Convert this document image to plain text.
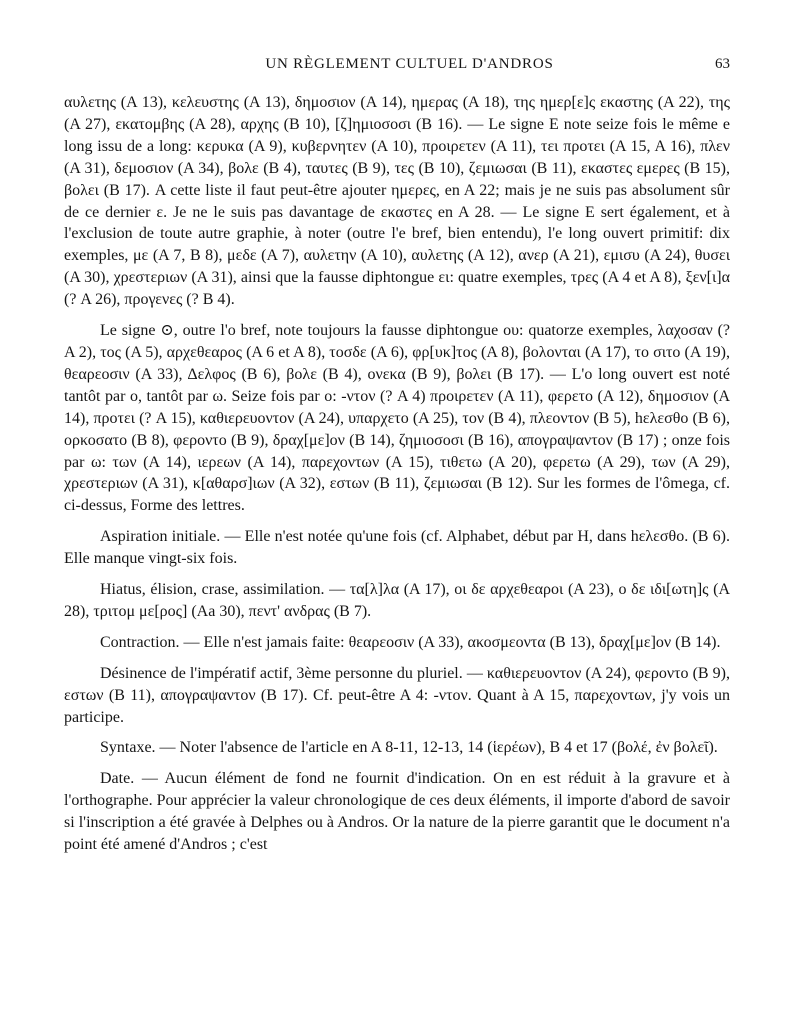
UN RÈGLEMENT CULTUEL D'ANDROS	63

αυλετης (A 13), κελευστης (A 13), δημοσιον (A 14), ημερας (A 18), της ημερ[ε]ς εκαστης (A 22), της (A 27), εκατομβης (A 28), αρχης (B 10), [ζ]ημιοσοσι (B 16). — Le signe E note seize fois le même e long issu de a long: κερυκα (A 9), κυβερνητεν (A 10), προιρετεν (A 11), τει προτει (A 15, A 16), πλεν (A 31), δεμοσιον (A 34), βολε (B 4), ταυτες (B 9), τες (B 10), ζεμιωσαι (B 11), εκαστες εμερες (B 15), βολει (B 17). A cette liste il faut peut-être ajouter ημερες, en A 22; mais je ne suis pas absolument sûr de ce dernier ε. Je ne le suis pas davantage de εκαστες en A 28. — Le signe E sert également, et à l'exclusion de toute autre graphie, à noter (outre l'e bref, bien entendu), l'e long ouvert primitif: dix exemples, με (A 7, B 8), μεδε (A 7), αυλετην (A 10), αυλετης (A 12), ανερ (A 21), εμισυ (A 24), θυσει (A 30), χρεστεριων (A 31), ainsi que la fausse diphtongue ει: quatre exemples, τρες (A 4 et A 8), ξεν[ι]α (? A 26), προγενες (? B 4).

Le signe ⊙, outre l'o bref, note toujours la fausse diphtongue ου: quatorze exemples, λαχοσαν (? A 2), τος (A 5), αρχεθεαρος (A 6 et A 8), τοσδε (A 6), φρ[υκ]τος (A 8), βολονται (A 17), το σιτο (A 19), θεαρεοσιν (A 33), Δελφος (B 6), βολε (B 4), ονεκα (B 9), βολει (B 17). — L'o long ouvert est noté tantôt par ο, tantôt par ω. Seize fois par ο: -ντον (? A 4) προιρετεν (A 11), φερετο (A 12), δημοσιον (A 14), προτει (? A 15), καθιερευοντον (A 24), υπαρχετο (A 25), τον (B 4), πλεοντον (B 5), hελεσθο (B 6), ορκοσατο (B 8), φεροντο (B 9), δραχ[με]ον (B 14), ζημιοσοσι (B 16), απογραψαντον (B 17) ; onze fois par ω: των (A 14), ιερεων (A 14), παρεχοντων (A 15), τιθετω (A 20), φερετω (A 29), των (A 29), χρεστεριων (A 31), κ[αθαρσ]ιων (A 32), εστων (B 11), ζεμιωσαι (B 12). Sur les formes de l'ômega, cf. ci-dessus, Forme des lettres.

Aspiration initiale. — Elle n'est notée qu'une fois (cf. Alphabet, début par H, dans hελεσθο. (B 6). Elle manque vingt-six fois.

Hiatus, élision, crase, assimilation. — τα[λ]λα (A 17), οι δε αρχεθεαροι (A 23), ο δε ιδι[ωτη]ς (A 28), τριτομ με[ρος] (Aa 30), πεντ' ανδρας (B 7).

Contraction. — Elle n'est jamais faite: θεαρεοσιν (A 33), ακοσμεοντα (B 13), δραχ[με]ον (B 14).

Désinence de l'impératif actif, 3ème personne du pluriel. — καθιερευοντον (A 24), φεροντο (B 9), εστων (B 11), απογραψαντον (B 17). Cf. peut-être A 4: -ντον. Quant à A 15, παρεχοντων, j'y vois un participe.

Syntaxe. — Noter l'absence de l'article en A 8-11, 12-13, 14 (ἱερέων), B 4 et 17 (βολέ, ἐν βολεῖ).

Date. — Aucun élément de fond ne fournit d'indication. On en est réduit à la gravure et à l'orthographe. Pour apprécier la valeur chronologique de ces deux éléments, il importe d'abord de savoir si l'inscription a été gravée à Delphes ou à Andros. Or la nature de la pierre garantit que le document n'a point été amené d'Andros ; c'est
